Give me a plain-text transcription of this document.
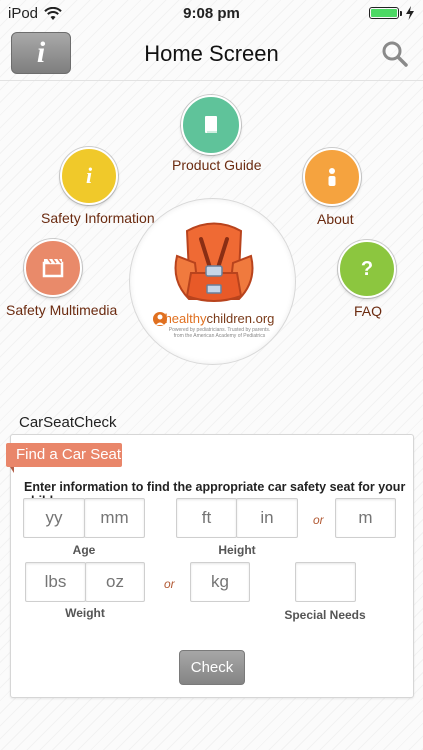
iPod	9:08 pm
i	Home Screen
Product Guide
i
Safety Information	About
Safety Multimedia
?
FAQ
healthychildren.org
Powered by pediatricians. Trusted by parents.
from the American Academy of Pediatrics
CarSeatCheck
Find a Car Seat
Enter information to find the appropriate car safety seat for your
yy
mm
Age
ft
in	Height
or
m
lbs
oz
Weight
or
kg
Special Needs
Check
